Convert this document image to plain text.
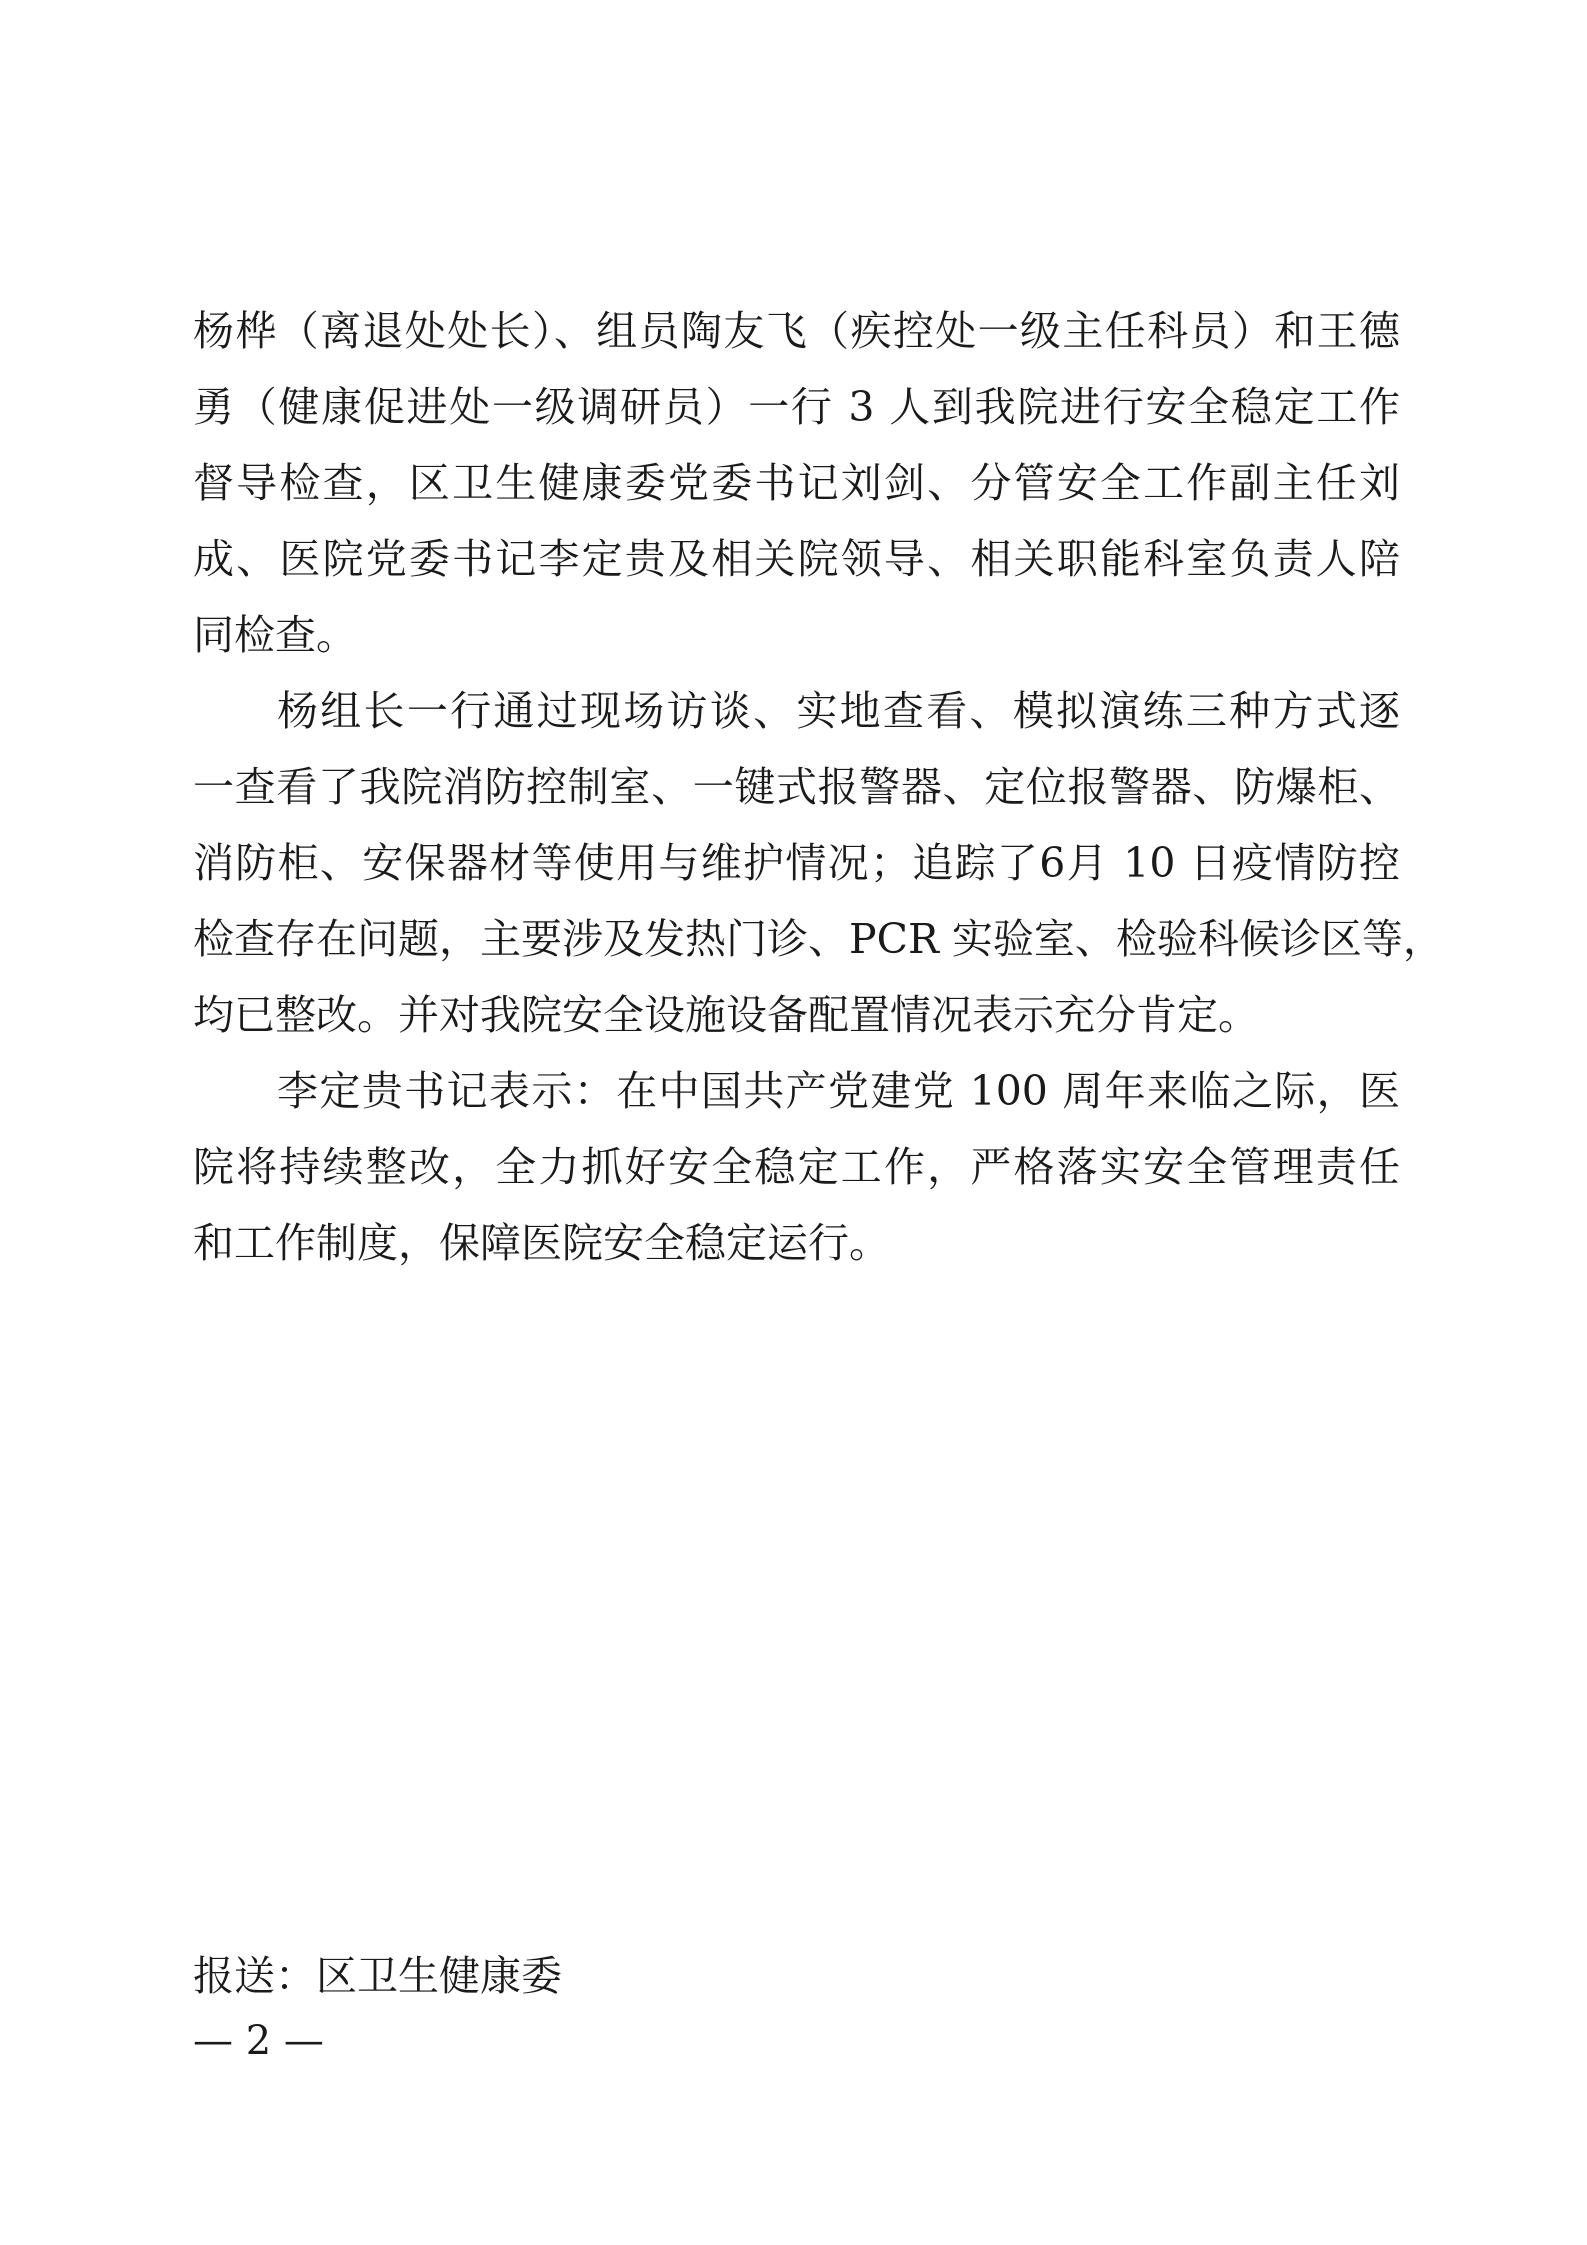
杨桦（离退处处长）、组员陶友飞（疾控处一级主任科员）和王德
勇（健康促进处一级调研员）一行 3 人到我院进行安全稳定工作
督导检查，区卫生健康委党委书记刘剑、分管安全工作副主任刘
成、医院党委书记李定贵及相关院领导、相关职能科室负责人陪
同检查。
杨组长一行通过现场访谈、实地查看、模拟演练三种方式逐
一查看了我院消防控制室、一键式报警器、定位报警器、防爆柜、
消防柜、安保器材等使用与维护情况；追踪了6月 10 日疫情防控
检查存在问题，主要涉及发热门诊、PCR 实验室、检验科候诊区等，
均已整改。并对我院安全设施设备配置情况表示充分肯定。
李定贵书记表示：在中国共产党建党 100 周年来临之际，医
院将持续整改，全力抓好安全稳定工作，严格落实安全管理责任
和工作制度，保障医院安全稳定运行。
报送：区卫生健康委
— 2 —
